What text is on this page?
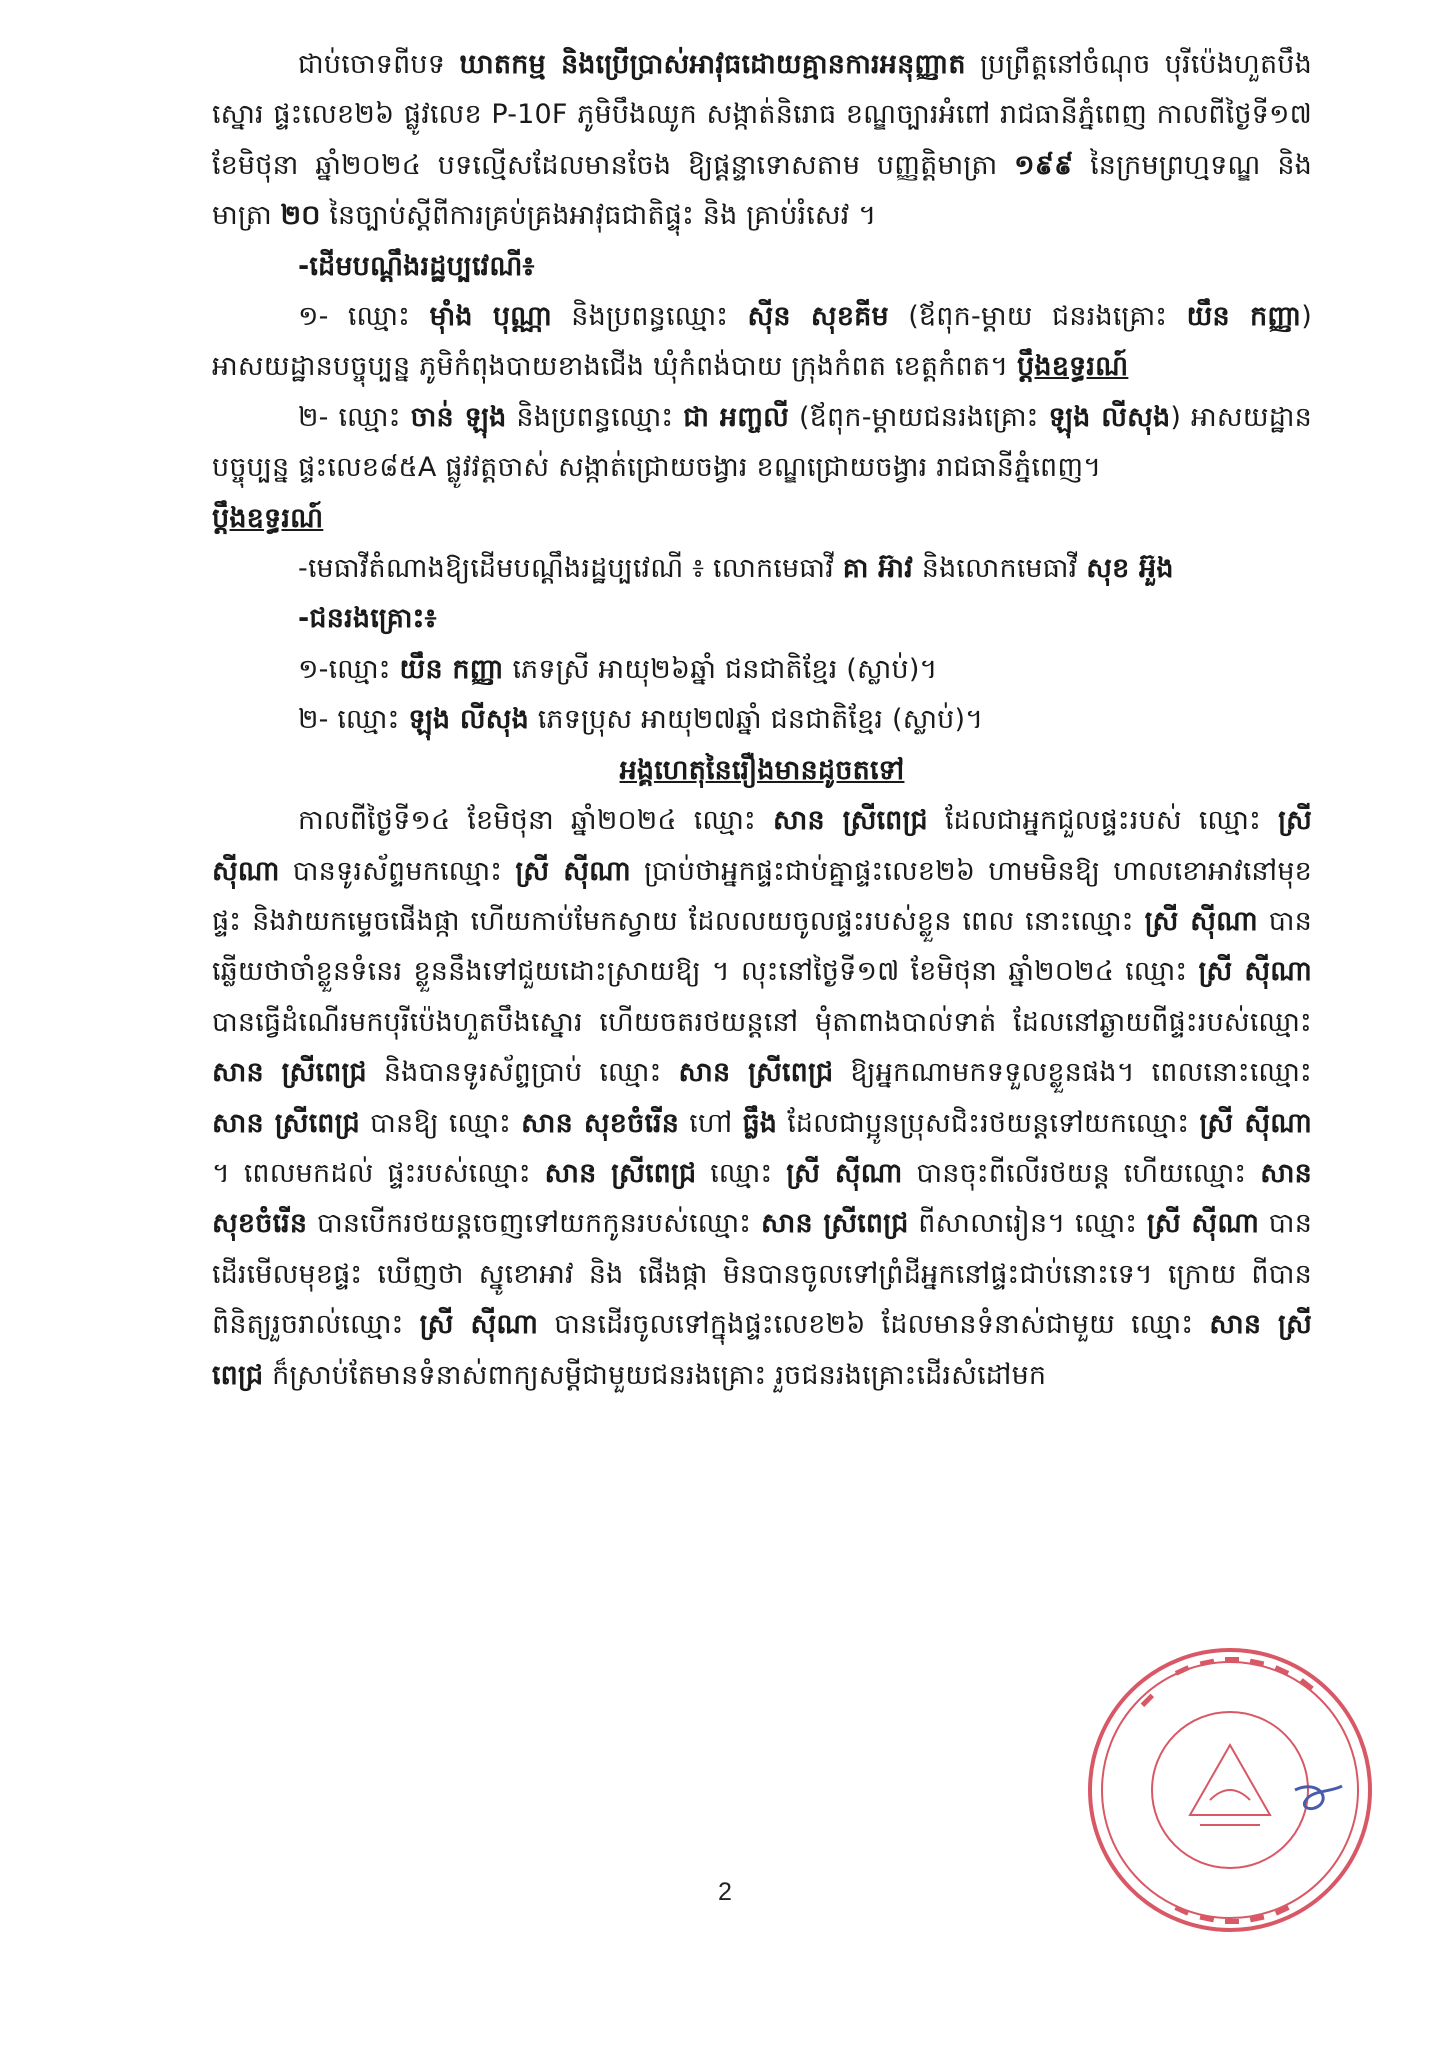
ជាប់ចោទពីបទ ឃាតកម្ម និងប្រើប្រាស់អាវុធដោយគ្មានការអនុញ្ញាត ប្រព្រឹត្តនៅចំណុច បុរីប៉េងហួតបឹងស្នោរ ផ្ទះលេខ២៦ ផ្លូវលេខ P-10F ភូមិបឹងឈូក សង្កាត់និរោធ ខណ្ឌច្បារអំពៅ រាជធានីភ្នំពេញ កាលពីថ្ងៃទី១៧ ខែមិថុនា ឆ្នាំ២០២៤ បទល្មើសដែលមានចែង ឱ្យផ្តន្ទាទោសតាម បញ្ញត្តិមាត្រា ១៩៩ នៃក្រមព្រហ្មទណ្ឌ និងមាត្រា ២០ នៃច្បាប់ស្តីពីការគ្រប់គ្រងអាវុធជាតិផ្ទុះ និង គ្រាប់រំសេវ ។

-ដើមបណ្តឹងរដ្ឋប្បវេណី៖

១- ឈ្មោះ ម៉ាំង បុណ្ណា និងប្រពន្ធឈ្មោះ ស៊ីន សុខគីម (ឪពុក-ម្តាយ ជនរងគ្រោះ យឹន កញ្ញា) អាសយដ្ឋានបច្ចុប្បន្ន ភូមិកំពុងបាយខាងជើង ឃុំកំពង់បាយ ក្រុងកំពត ខេត្តកំពត។ ប្តឹងឧទ្ធរណ៍

២- ឈ្មោះ ចាន់ ឡុង និងប្រពន្ធឈ្មោះ ជា អញ្ចលី (ឪពុក-ម្តាយជនរងគ្រោះ ឡុង លីសុង) អាសយដ្ឋានបច្ចុប្បន្ន ផ្ទះលេខ៨៥A ផ្លូវវត្តចាស់ សង្កាត់ជ្រោយចង្វារ ខណ្ឌជ្រោយចង្វារ រាជធានីភ្នំពេញ។
ប្តឹងឧទ្ធរណ៍

-មេធាវីតំណាងឱ្យដើមបណ្តឹងរដ្ឋប្បវេណី ៖ លោកមេធាវី គា អ៊ាវ និងលោកមេធាវី សុខ អ៊ួង

-ជនរងគ្រោះ៖

១-ឈ្មោះ យឹន កញ្ញា ភេទស្រី អាយុ២៦ឆ្នាំ ជនជាតិខ្មែរ (ស្លាប់)។

២- ឈ្មោះ ឡុង លីសុង ភេទប្រុស អាយុ២៧ឆ្នាំ ជនជាតិខ្មែរ (ស្លាប់)។

អង្គហេតុនៃរឿងមានដូចតទៅ

កាលពីថ្ងៃទី១៤ ខែមិថុនា ឆ្នាំ២០២៤ ឈ្មោះ សាន ស្រីពេជ្រ ដែលជាអ្នកជួលផ្ទះរបស់ ឈ្មោះ ស្រី ស៊ីណា បានទូរស័ព្ទមកឈ្មោះ ស្រី ស៊ីណា ប្រាប់ថាអ្នកផ្ទះជាប់គ្នាផ្ទះលេខ២៦ ហាមមិនឱ្យ ហាលខោអាវនៅមុខផ្ទះ និងវាយកម្ទេចផើងផ្កា ហើយកាប់មែកស្វាយ ដែលលយចូលផ្ទះរបស់ខ្លួន ពេល នោះឈ្មោះ ស្រី ស៊ីណា បានឆ្លើយថាចាំខ្លួនទំនេរ ខ្លួននឹងទៅជួយដោះស្រាយឱ្យ ។ លុះនៅថ្ងៃទី១៧ ខែមិថុនា ឆ្នាំ២០២៤ ឈ្មោះ ស្រី ស៊ីណា បានធ្វើដំណើរមកបុរីប៉េងហួតបឹងស្នោរ ហើយចតរថយន្តនៅ មុំតាពាងបាល់ទាត់ ដែលនៅឆ្ងាយពីផ្ទះរបស់ឈ្មោះ សាន ស្រីពេជ្រ និងបានទូរស័ព្ទប្រាប់ ឈ្មោះ សាន ស្រីពេជ្រ ឱ្យអ្នកណាមកទទួលខ្លួនផង។ ពេលនោះឈ្មោះ សាន ស្រីពេជ្រ បានឱ្យ ឈ្មោះ សាន សុខចំរើន ហៅ ធ្លឹង ដែលជាប្អូនប្រុសជិះរថយន្តទៅយកឈ្មោះ ស្រី ស៊ីណា ។ ពេលមកដល់ ផ្ទះរបស់ឈ្មោះ សាន ស្រីពេជ្រ ឈ្មោះ ស្រី ស៊ីណា បានចុះពីលើរថយន្ត ហើយឈ្មោះ សាន សុខចំរើន បានបើករថយន្តចេញទៅយកកូនរបស់ឈ្មោះ សាន ស្រីពេជ្រ ពីសាលារៀន។ ឈ្មោះ ស្រី ស៊ីណា បាន ដើរមើលមុខផ្ទះ ឃើញថា ស្នូខោអាវ និង ផើងផ្កា មិនបានចូលទៅព្រំដីអ្នកនៅផ្ទះជាប់នោះទេ។ ក្រោយ ពីបានពិនិត្យរួចរាល់ឈ្មោះ ស្រី ស៊ីណា បានដើរចូលទៅក្នុងផ្ទះលេខ២៦ ដែលមានទំនាស់ជាមួយ ឈ្មោះ សាន ស្រីពេជ្រ ក៏ស្រាប់តែមានទំនាស់ពាក្យសម្តីជាមួយជនរងគ្រោះ រួចជនរងគ្រោះដើរសំដៅមក

2
